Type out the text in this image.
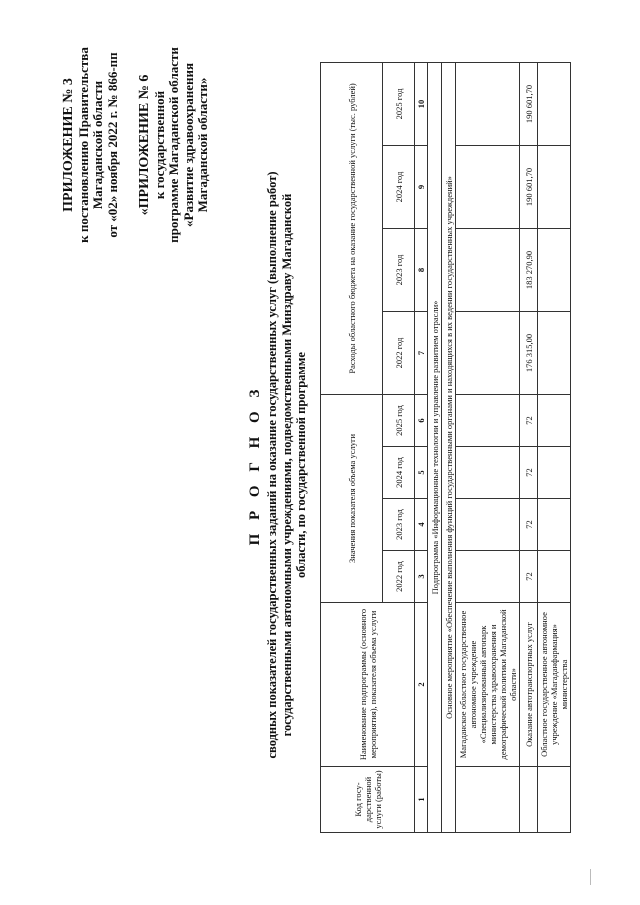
ПРИЛОЖЕНИЕ № 3 к постановлению Правительства Магаданской области от «02» ноября 2022 г. № 866-пп «ПРИЛОЖЕНИЕ № 6 к государственной программе Магаданской области «Развитие здравоохранения Магаданской области»
П Р О Г Н О З сводных показателей государственных заданий на оказание государственных услуг (выполнение работ) государственными автономными учреждениями, подведомственными Минздраву Магаданской области, по государственной программе
Код госу-дарственной услуги (работы)	Наименование подпрограммы (основного мероприятия), показателя объема услуги	Значения показателя объема услуги				Расходы областного бюджета на оказание государственной услуги (тыс. рублей)			
		2022 год	2023 год	2024 год	2025 год	2022 год	2023 год	2024 год	2025 год
1	2	3	4	5	6	7	8	9	10
Подпрограмма «Информационные технологии и управление развитием отрасли»									
Основное мероприятие «Обеспечение выполнения функций государственными органами и находящихся в их ведении государственных учреждений»									
	Магаданское областное государственное автономное учреждение «Специализированный автопарк министерства здравоохранения и демографической политики Магаданской области»								
	Оказание автотранспортных услуг	72	72	72	72	176 315,00	183 270,90	190 601,70	190 601,70
	Областное государственное автономное учреждение «Магаданфармация» министерства								
